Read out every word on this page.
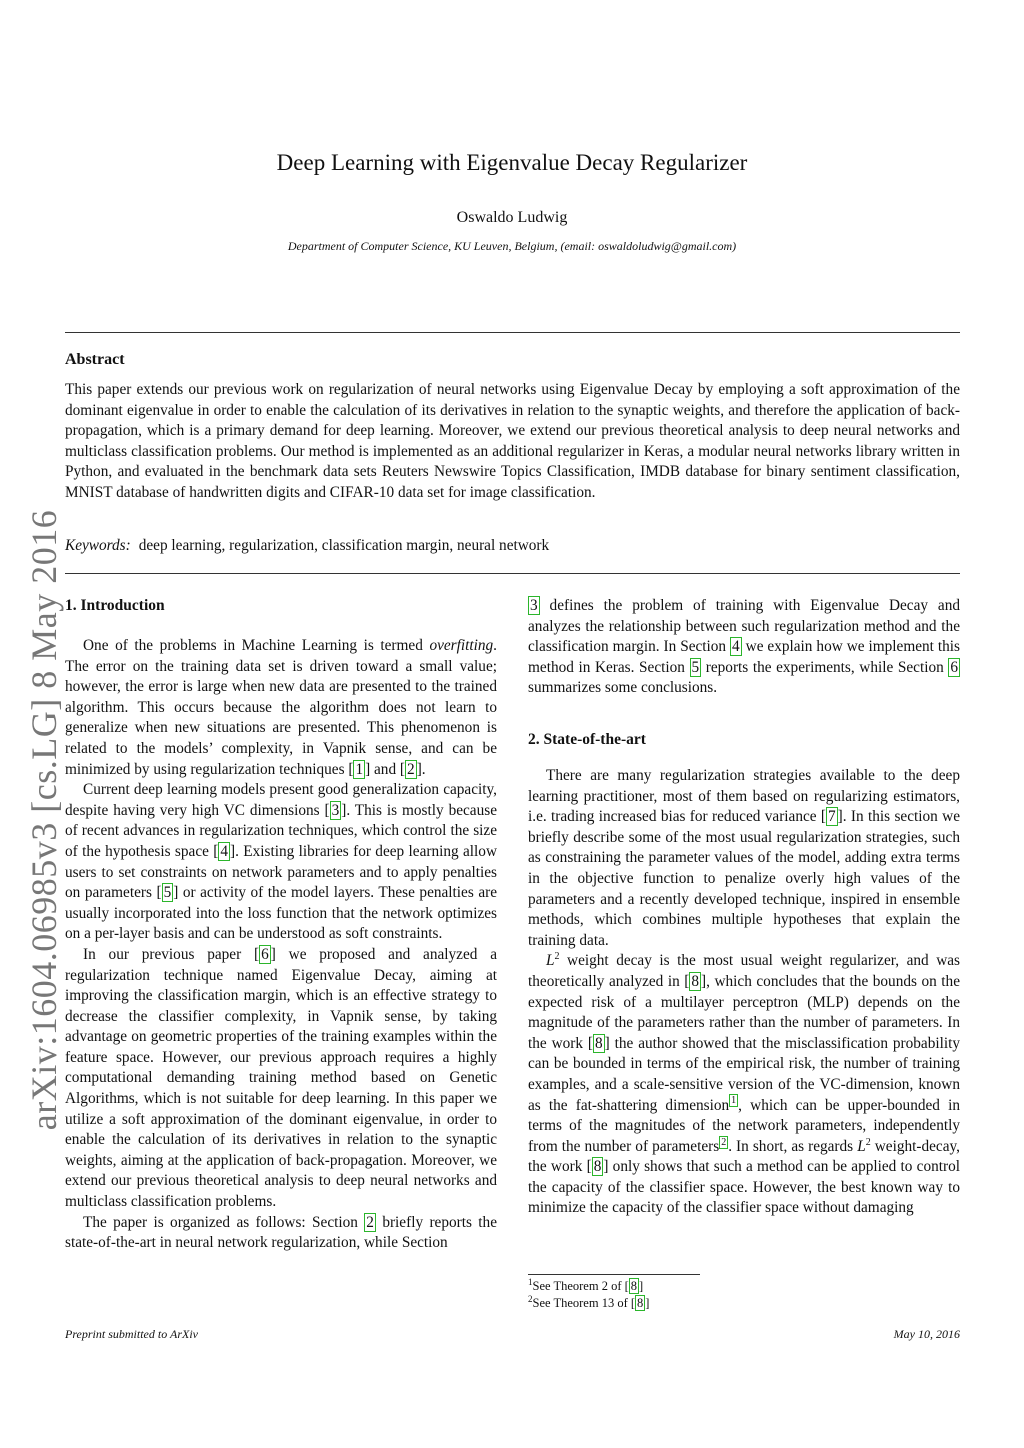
arXiv:1604.06985v3 [cs.LG] 8 May 2016
Deep Learning with Eigenvalue Decay Regularizer
Oswaldo Ludwig
Department of Computer Science, KU Leuven, Belgium, (email: oswaldoludwig@gmail.com)
Abstract
This paper extends our previous work on regularization of neural networks using Eigenvalue Decay by employing a soft approximation of the dominant eigenvalue in order to enable the calculation of its derivatives in relation to the synaptic weights, and therefore the application of back-propagation, which is a primary demand for deep learning. Moreover, we extend our previous theoretical analysis to deep neural networks and multiclass classification problems. Our method is implemented as an additional regularizer in Keras, a modular neural networks library written in Python, and evaluated in the benchmark data sets Reuters Newswire Topics Classification, IMDB database for binary sentiment classification, MNIST database of handwritten digits and CIFAR-10 data set for image classification.
Keywords: deep learning, regularization, classification margin, neural network
1. Introduction

One of the problems in Machine Learning is termed overfitting. The error on the training data set is driven toward a small value; however, the error is large when new data are presented to the trained algorithm. This occurs because the algorithm does not learn to generalize when new situations are presented. This phenomenon is related to the models’ complexity, in Vapnik sense, and can be minimized by using regularization techniques [ 1 ] and [ 2 ].

Current deep learning models present good generalization capacity, despite having very high VC dimensions [ 3 ]. This is mostly because of recent advances in regularization techniques, which control the size of the hypothesis space [ 4 ]. Existing libraries for deep learning allow users to set constraints on network parameters and to apply penalties on parameters [ 5 ] or activity of the model layers. These penalties are usually incorporated into the loss function that the network optimizes on a per-layer basis and can be understood as soft constraints.

In our previous paper [ 6 ] we proposed and analyzed a regularization technique named Eigenvalue Decay, aiming at improving the classification margin, which is an effective strategy to decrease the classifier complexity, in Vapnik sense, by taking advantage on geometric properties of the training examples within the feature space. However, our previous approach requires a highly computational demanding training method based on Genetic Algorithms, which is not suitable for deep learning. In this paper we utilize a soft approximation of the dominant eigenvalue, in order to enable the calculation of its derivatives in relation to the synaptic weights, aiming at the application of back-propagation. Moreover, we extend our previous theoretical analysis to deep neural networks and multiclass classification problems.

The paper is organized as follows: Section 2 briefly reports the state-of-the-art in neural network regularization, while Section

3 defines the problem of training with Eigenvalue Decay and analyzes the relationship between such regularization method and the classification margin. In Section 4 we explain how we implement this method in Keras. Section 5 reports the experiments, while Section 6 summarizes some conclusions.

2. State-of-the-art

There are many regularization strategies available to the deep learning practitioner, most of them based on regularizing estimators, i.e. trading increased bias for reduced variance [ 7 ]. In this section we briefly describe some of the most usual regularization strategies, such as constraining the parameter values of the model, adding extra terms in the objective function to penalize overly high values of the parameters and a recently developed technique, inspired in ensemble methods, which combines multiple hypotheses that explain the training data.

$L^2$ weight decay is the most usual weight regularizer, and was theoretically analyzed in [ 8 ], which concludes that the bounds on the expected risk of a multilayer perceptron (MLP) depends on the magnitude of the parameters rather than the number of parameters. In the work [ 8 ] the author showed that the misclassification probability can be bounded in terms of the empirical risk, the number of training examples, and a scale-sensitive version of the VC-dimension, known as the fat-shattering dimension $^1$ , which can be upper-bounded in terms of the magnitudes of the network parameters, independently from the number of parameters $^2$ . In short, as regards $L^2$ weight-decay, the work [ 8 ] only shows that such a method can be applied to control the capacity of the classifier space. However, the best known way to minimize the capacity of the classifier space without damaging

$^1$See Theorem 2 of [ 8 ]
$^2$See Theorem 13 of [ 8 ]
Preprint submitted to ArXiv	May 10, 2016
